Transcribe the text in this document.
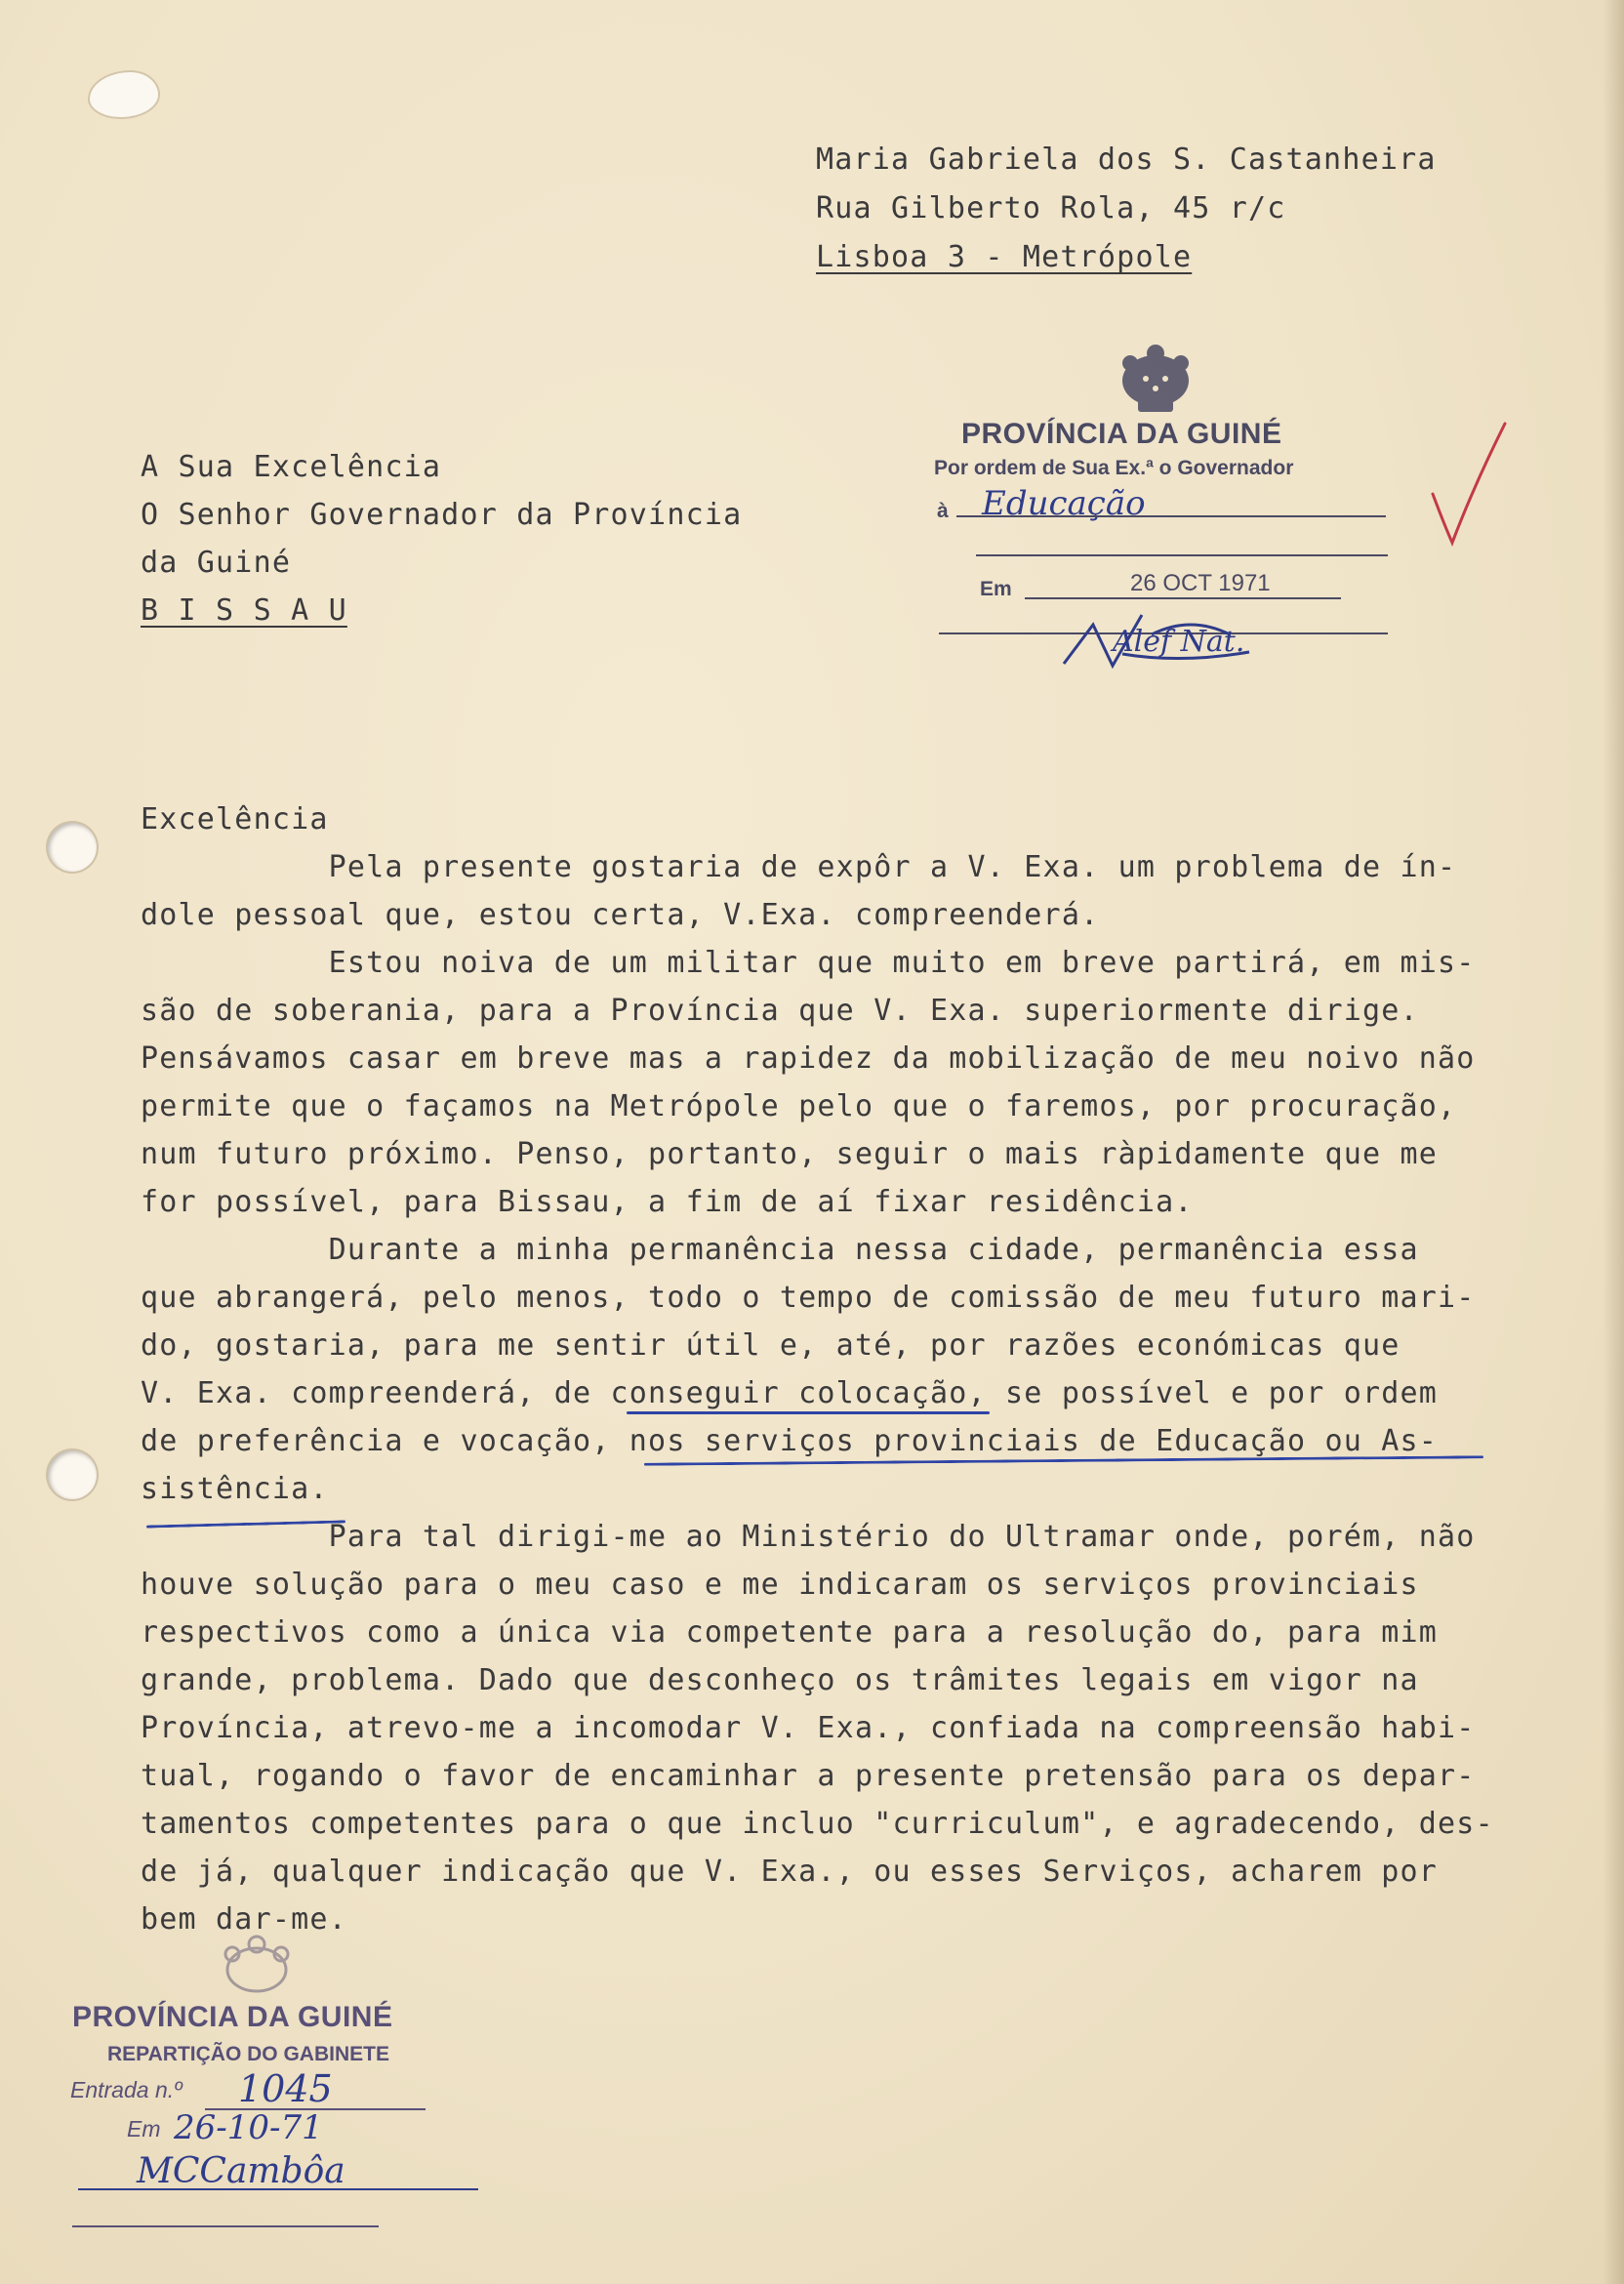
Maria Gabriela dos S. Castanheira
Rua Gilberto Rola, 45 r/c
Lisboa 3 - Metrópole
A Sua Excelência
O Senhor Governador da Província
da Guiné
B I S S A U
PROVÍNCIA DA GUINÉ
Por ordem de Sua Ex.ª o Governador
à Educação
Em	26 OCT 1971
Alef Nat.
Excelência
Pela presente gostaria de expôr a V. Exa. um problema de ín-
dole pessoal que, estou certa, V.Exa. compreenderá.
Estou noiva de um militar que muito em breve partirá, em mis-
são de soberania, para a Província que V. Exa. superiormente dirige.
Pensávamos casar em breve mas a rapidez da mobilização de meu noivo não
permite que o façamos na Metrópole pelo que o faremos, por procuração,
num futuro próximo. Penso, portanto, seguir o mais ràpidamente que me
for possível, para Bissau, a fim de aí fixar residência.
Durante a minha permanência nessa cidade, permanência essa
que abrangerá, pelo menos, todo o tempo de comissão de meu futuro mari-
do, gostaria, para me sentir útil e, até, por razões económicas que
V. Exa. compreenderá, de conseguir colocação, se possível e por ordem
de preferência e vocação, nos serviços provinciais de Educação ou As-
sistência.
Para tal dirigi-me ao Ministério do Ultramar onde, porém, não
houve solução para o meu caso e me indicaram os serviços provinciais
respectivos como a única via competente para a resolução do, para mim
grande, problema. Dado que desconheço os trâmites legais em vigor na
Província, atrevo-me a incomodar V. Exa., confiada na compreensão habi-
tual, rogando o favor de encaminhar a presente pretensão para os depar-
tamentos competentes para o que incluo "curriculum", e agradecendo, des-
de já, qualquer indicação que V. Exa., ou esses Serviços, acharem por
bem dar-me.
PROVÍNCIA DA GUINÉ
REPARTIÇÃO DO GABINETE
Entrada n.º 1045
Em 26-10-71
MCCambôa
